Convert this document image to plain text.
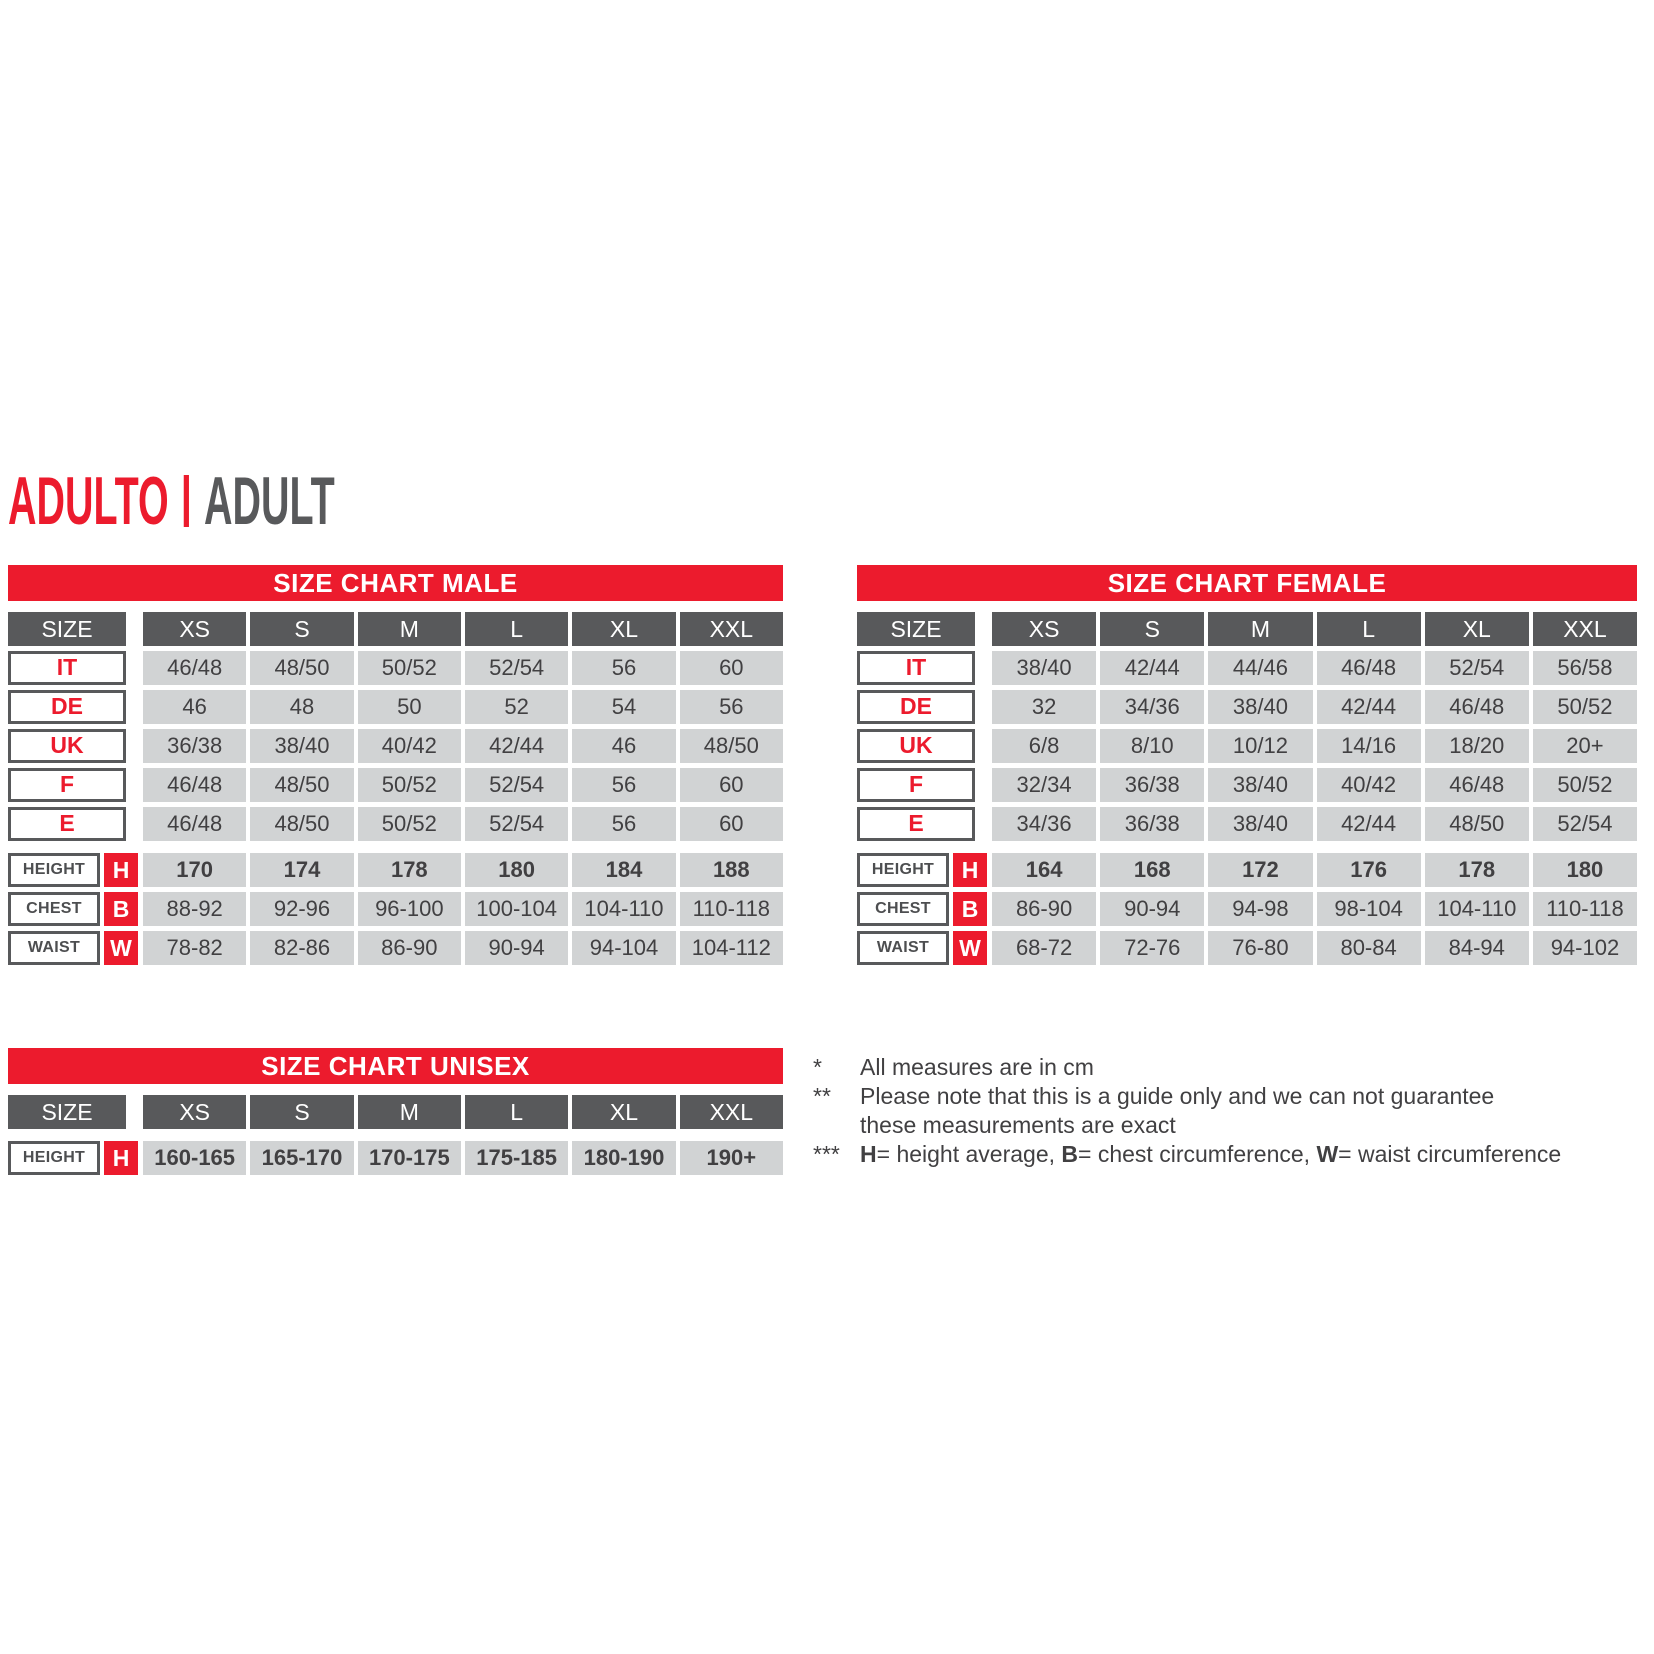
ADULTO ADULT
SIZE CHART MALE
SIZE	XS	S	M	L	XL	XXL
IT	46/48	48/50	50/52	52/54	56	60
DE	46	48	50	52	54	56
UK	36/38	38/40	40/42	42/44	46	48/50
F	46/48	48/50	50/52	52/54	56	60
E	46/48	48/50	50/52	52/54	56	60
HEIGHT	H	170	174	178	180	184	188
CHEST	B	88-92	92-96	96-100	100-104	104-110	110-118
WAIST	W	78-82	82-86	86-90	90-94	94-104	104-112
SIZE CHART FEMALE
SIZE	XS	S	M	L	XL	XXL
IT	38/40	42/44	44/46	46/48	52/54	56/58
DE	32	34/36	38/40	42/44	46/48	50/52
UK	6/8	8/10	10/12	14/16	18/20	20+
F	32/34	36/38	38/40	40/42	46/48	50/52
E	34/36	36/38	38/40	42/44	48/50	52/54
HEIGHT	H	164	168	172	176	178	180
CHEST	B	86-90	90-94	94-98	98-104	104-110	110-118
WAIST	W	68-72	72-76	76-80	80-84	84-94	94-102
SIZE CHART UNISEX
SIZE	XS	S	M	L	XL	XXL
HEIGHT	H	160-165	165-170	170-175	175-185	180-190	190+
*	All measures are in cm
**	Please note that this is a guide only and we can not guarantee
these measurements are exact
*** H= height average, B= chest circumference, W= waist circumference
